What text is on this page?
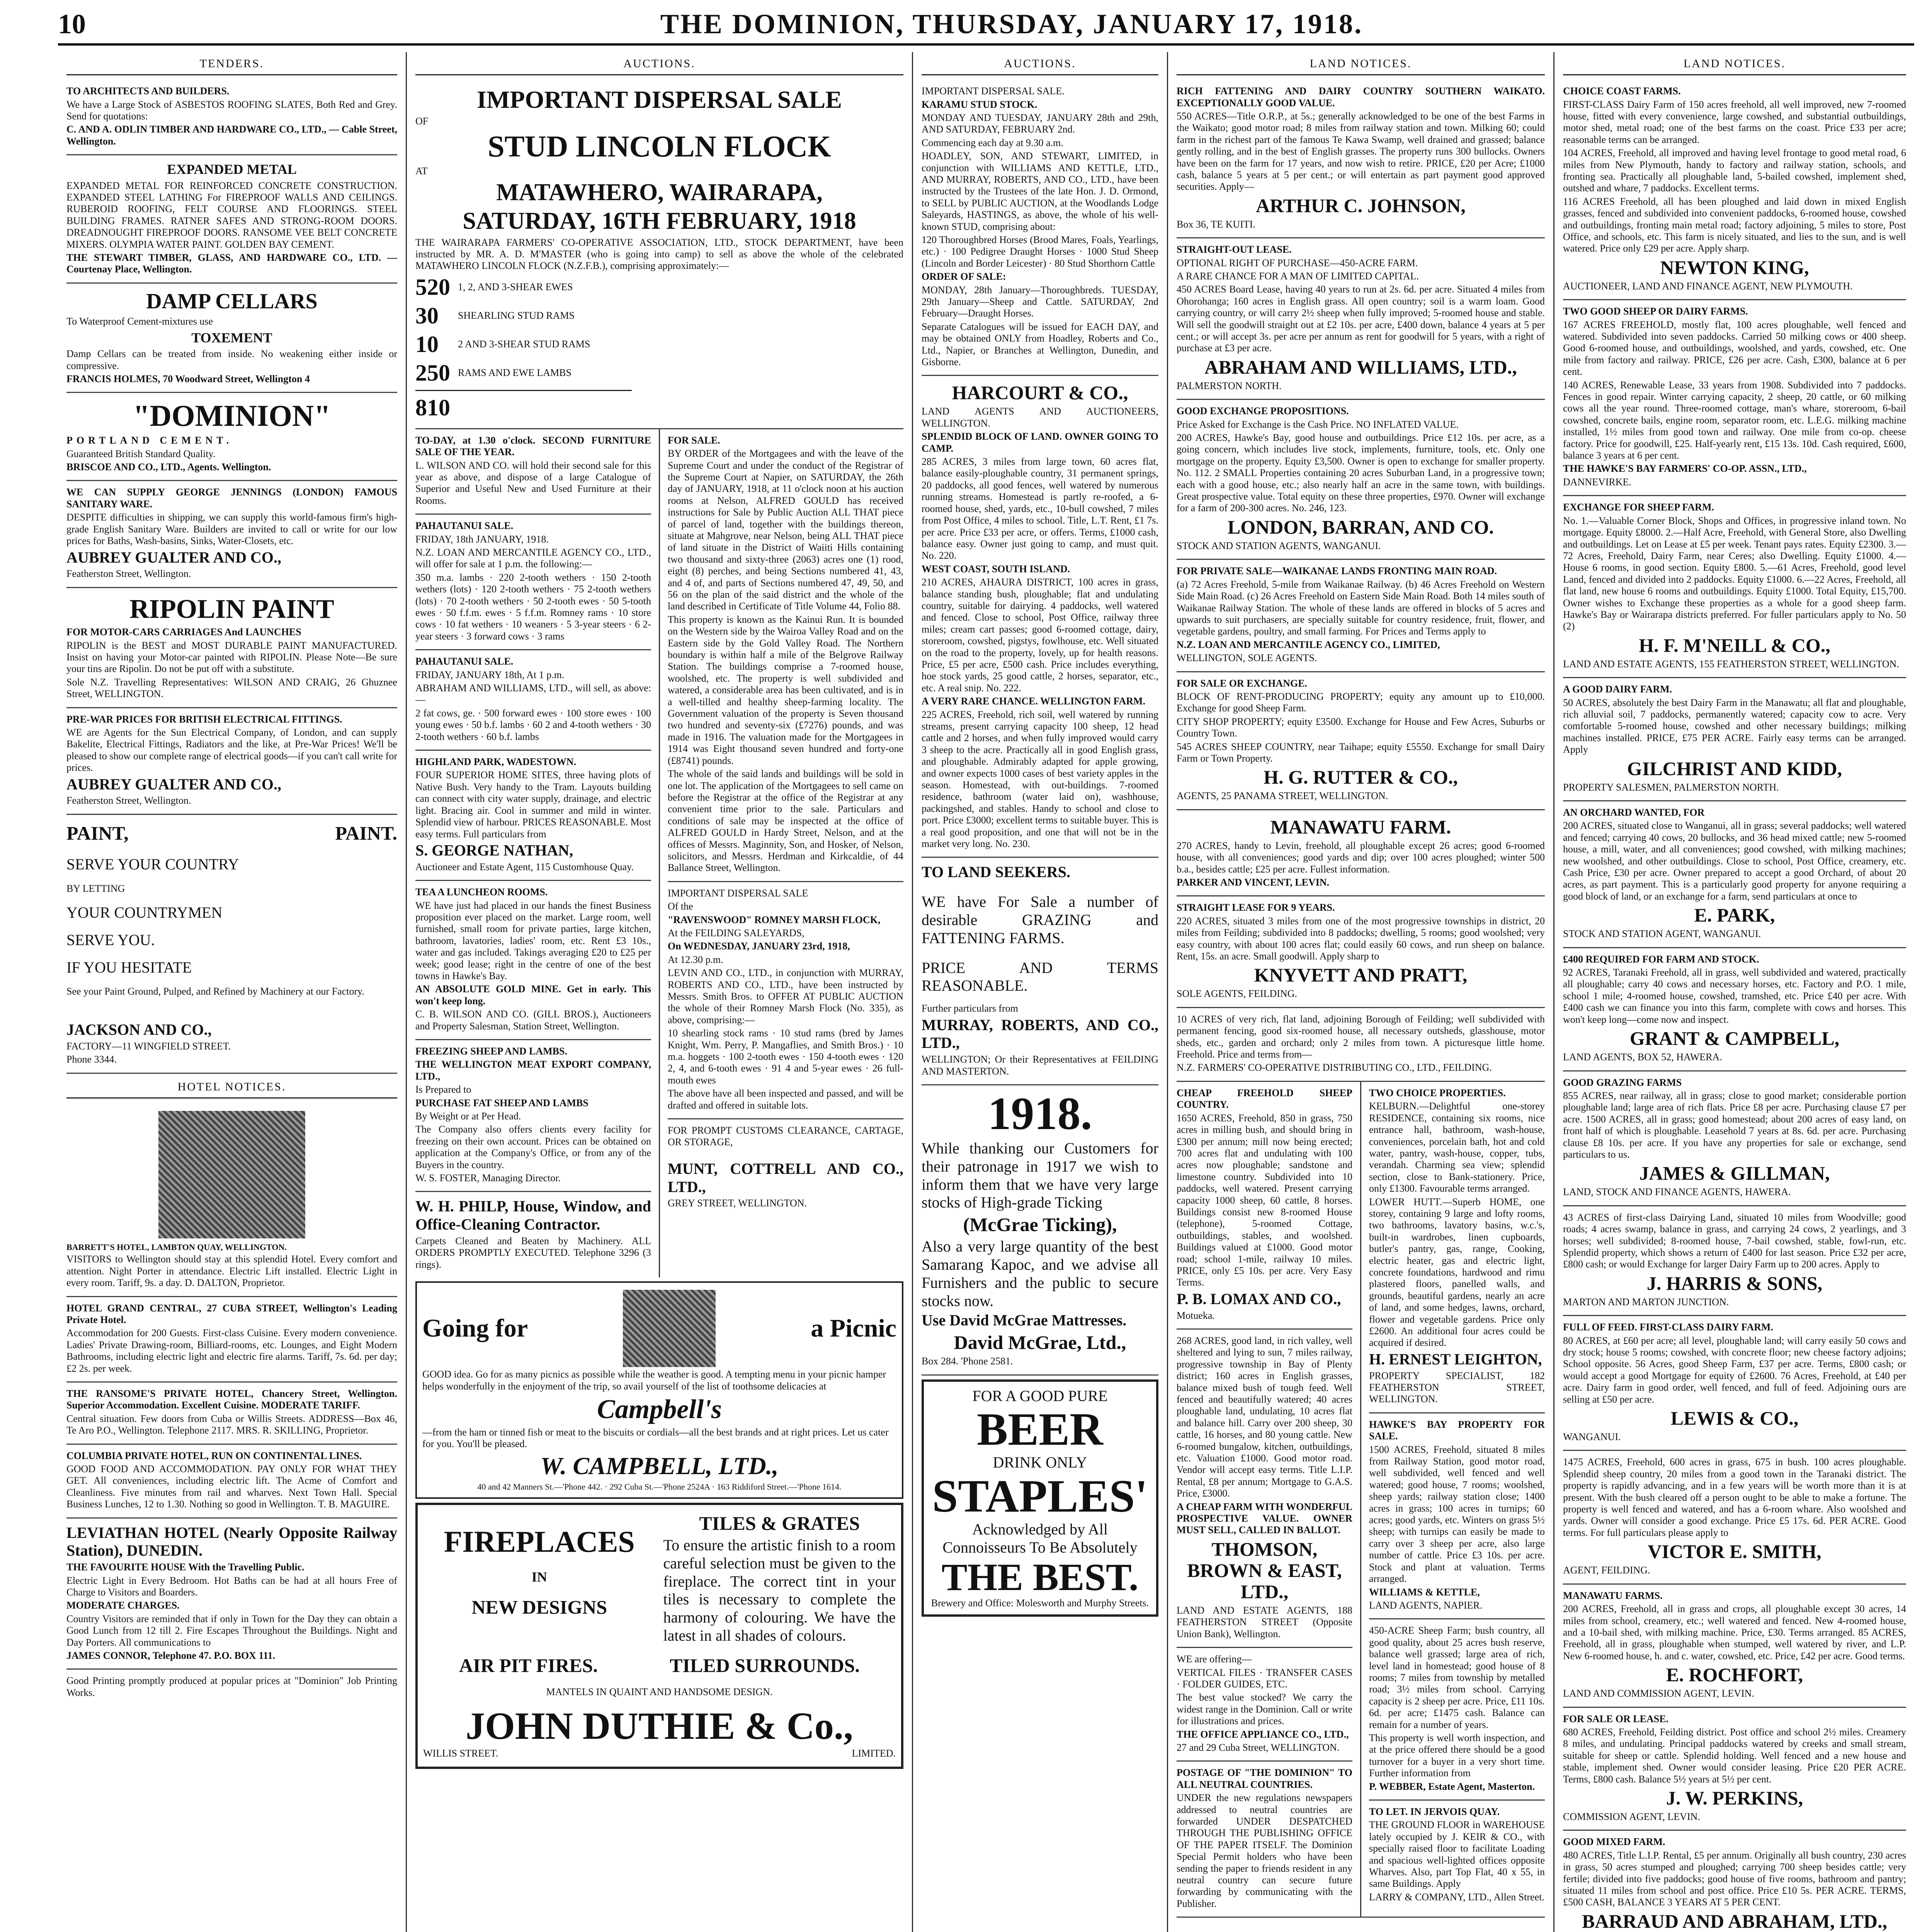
10	THE DOMINION, THURSDAY, JANUARY 17, 1918.
TENDERS.

TO ARCHITECTS AND BUILDERS.

We have a Large Stock of ASBESTOS ROOFING SLATES, Both Red and Grey. Send for quotations:

C. AND A. ODLIN TIMBER AND HARDWARE CO., LTD., — Cable Street, Wellington.

EXPANDED METAL

EXPANDED METAL FOR REINFORCED CONCRETE CONSTRUCTION. EXPANDED STEEL LATHING For FIREPROOF WALLS AND CEILINGS. RUBEROID ROOFING, FELT COURSE AND FLOORINGS. STEEL BUILDING FRAMES. RATNER SAFES AND STRONG-ROOM DOORS. DREADNOUGHT FIREPROOF DOORS. RANSOME VEE BELT CONCRETE MIXERS. OLYMPIA WATER PAINT. GOLDEN BAY CEMENT.

THE STEWART TIMBER, GLASS, AND HARDWARE CO., LTD. — Courtenay Place, Wellington.

DAMP CELLARS

To Waterproof Cement-mixtures use

TOXEMENT

Damp Cellars can be treated from inside. No weakening either inside or compressive.

FRANCIS HOLMES, 70 Woodward Street, Wellington 4

"DOMINION"

PORTLAND CEMENT.

Guaranteed British Standard Quality.

BRISCOE AND CO., LTD., Agents. Wellington.

WE CAN SUPPLY GEORGE JENNINGS (LONDON) FAMOUS SANITARY WARE.

DESPITE difficulties in shipping, we can supply this world-famous firm's high-grade English Sanitary Ware. Builders are invited to call or write for our low prices for Baths, Wash-basins, Sinks, Water-Closets, etc.

AUBREY GUALTER AND CO.,

Featherston Street, Wellington.

RIPOLIN PAINT

FOR MOTOR-CARS CARRIAGES And LAUNCHES

RIPOLIN is the BEST and MOST DURABLE PAINT MANUFACTURED. Insist on having your Motor-car painted with RIPOLIN. Please Note—Be sure your tins are Ripolin. Do not be put off with a substitute.

Sole N.Z. Travelling Representatives: WILSON AND CRAIG, 26 Ghuznee Street, WELLINGTON.

PRE-WAR PRICES FOR BRITISH ELECTRICAL FITTINGS.

WE are Agents for the Sun Electrical Company, of London, and can supply Bakelite, Electrical Fittings, Radiators and the like, at Pre-War Prices! We'll be pleased to show our complete range of electrical goods—if you can't call write for prices.

AUBREY GUALTER AND CO.,

Featherston Street, Wellington.

PAINT,	PAINT.

SERVE YOUR COUNTRY

BY LETTING

YOUR COUNTRYMEN

SERVE YOU.

IF YOU HESITATE

See your Paint Ground, Pulped, and Refined by Machinery at our Factory.

JACKSON AND CO.,

FACTORY—11 WINGFIELD STREET.

Phone 3344.

HOTEL NOTICES.

BARRETT'S HOTEL, LAMBTON QUAY, WELLINGTON.

VISITORS to Wellington should stay at this splendid Hotel. Every comfort and attention. Night Porter in attendance. Electric Lift installed. Electric Light in every room. Tariff, 9s. a day. D. DALTON, Proprietor.

HOTEL GRAND CENTRAL, 27 CUBA STREET, Wellington's Leading Private Hotel.

Accommodation for 200 Guests. First-class Cuisine. Every modern convenience. Ladies' Private Drawing-room, Billiard-rooms, etc. Lounges, and Eight Modern Bathrooms, including electric light and electric fire alarms. Tariff, 7s. 6d. per day; £2 2s. per week.

THE RANSOME'S PRIVATE HOTEL, Chancery Street, Wellington. Superior Accommodation. Excellent Cuisine. MODERATE TARIFF.

Central situation. Few doors from Cuba or Willis Streets. ADDRESS—Box 46, Te Aro P.O., Wellington. Telephone 2117. MRS. R. SKILLING, Proprietor.

COLUMBIA PRIVATE HOTEL, RUN ON CONTINENTAL LINES.

GOOD FOOD AND ACCOMMODATION. PAY ONLY FOR WHAT THEY GET. All conveniences, including electric lift. The Acme of Comfort and Cleanliness. Five minutes from rail and wharves. Next Town Hall. Special Business Lunches, 12 to 1.30. Nothing so good in Wellington. T. B. MAGUIRE.

LEVIATHAN HOTEL (Nearly Opposite Railway Station), DUNEDIN.

THE FAVOURITE HOUSE With the Travelling Public.

Electric Light in Every Bedroom. Hot Baths can be had at all hours Free of Charge to Visitors and Boarders.

MODERATE CHARGES.

Country Visitors are reminded that if only in Town for the Day they can obtain a Good Lunch from 12 till 2. Fire Escapes Throughout the Buildings. Night and Day Porters. All communications to

JAMES CONNOR, Telephone 47. P.O. BOX 111.

Good Printing promptly produced at popular prices at "Dominion" Job Printing Works.

AUCTIONS.
IMPORTANT DISPERSAL SALE

OF

STUD LINCOLN FLOCK

AT

MATAWHERO, WAIRARAPA,
SATURDAY, 16TH FEBRUARY, 1918

THE WAIRARAPA FARMERS' CO-OPERATIVE ASSOCIATION, LTD., STOCK DEPARTMENT, have been instructed by MR. A. D. M'MASTER (who is going into camp) to sell as above the whole of the celebrated MATAWHERO LINCOLN FLOCK (N.Z.F.B.), comprising approximately:—

520 1, 2, AND 3-SHEAR EWES
30	SHEARLING STUD RAMS
10	2 AND 3-SHEAR STUD RAMS
250 RAMS AND EWE LAMBS
810

TO-DAY, at 1.30 o'clock. SECOND FURNITURE SALE OF THE YEAR.

L. WILSON AND CO. will hold their second sale for this year as above, and dispose of a large Catalogue of Superior and Useful New and Used Furniture at their Rooms.

PAHAUTANUI SALE.

FRIDAY, 18th JANUARY, 1918.

N.Z. LOAN AND MERCANTILE AGENCY CO., LTD., will offer for sale at 1 p.m. the following:—

350 m.a. lambs · 220 2-tooth wethers · 150 2-tooth wethers (lots) · 120 2-tooth wethers · 75 2-tooth wethers (lots) · 70 2-tooth wethers · 50 2-tooth ewes · 50 5-tooth ewes · 50 f.f.m. ewes · 5 f.f.m. Romney rams · 10 store cows · 10 fat wethers · 10 weaners · 5 3-year steers · 6 2-year steers · 3 forward cows · 3 rams

PAHAUTANUI SALE.

FRIDAY, JANUARY 18th, At 1 p.m.

ABRAHAM AND WILLIAMS, LTD., will sell, as above:—

2 fat cows, ge. · 500 forward ewes · 100 store ewes · 100 young ewes · 50 b.f. lambs · 60 2 and 4-tooth wethers · 30 2-tooth wethers · 60 b.f. lambs

HIGHLAND PARK, WADESTOWN.

FOUR SUPERIOR HOME SITES, three having plots of Native Bush. Very handy to the Tram. Layouts building can connect with city water supply, drainage, and electric light. Bracing air. Cool in summer and mild in winter. Splendid view of harbour. PRICES REASONABLE. Most easy terms. Full particulars from

S. GEORGE NATHAN,

Auctioneer and Estate Agent, 115 Customhouse Quay.

TEA A LUNCHEON ROOMS.

WE have just had placed in our hands the finest Business proposition ever placed on the market. Large room, well furnished, small room for private parties, large kitchen, bathroom, lavatories, ladies' room, etc. Rent £3 10s., water and gas included. Takings averaging £20 to £25 per week; good lease; right in the centre of one of the best towns in Hawke's Bay.

AN ABSOLUTE GOLD MINE. Get in early. This won't keep long.

C. B. WILSON AND CO. (GILL BROS.), Auctioneers and Property Salesman, Station Street, Wellington.

FREEZING SHEEP AND LAMBS.

THE WELLINGTON MEAT EXPORT COMPANY, LTD.,

Is Prepared to

PURCHASE FAT SHEEP AND LAMBS

By Weight or at Per Head.

The Company also offers clients every facility for freezing on their own account. Prices can be obtained on application at the Company's Office, or from any of the Buyers in the country.

W. S. FOSTER, Managing Director.

W. H. PHILP, House, Window, and Office-Cleaning Contractor.

Carpets Cleaned and Beaten by Machinery. ALL ORDERS PROMPTLY EXECUTED. Telephone 3296 (3 rings).

FOR SALE.

BY ORDER of the Mortgagees and with the leave of the Supreme Court and under the conduct of the Registrar of the Supreme Court at Napier, on SATURDAY, the 26th day of JANUARY, 1918, at 11 o'clock noon at his auction rooms at Nelson, ALFRED GOULD has received instructions for Sale by Public Auction ALL THAT piece of parcel of land, together with the buildings thereon, situate at Mahgrove, near Nelson, being ALL THAT piece of land situate in the District of Waiiti Hills containing two thousand and sixty-three (2063) acres one (1) rood, eight (8) perches, and being Sections numbered 41, 43, and 4 of, and parts of Sections numbered 47, 49, 50, and 56 on the plan of the said district and the whole of the land described in Certificate of Title Volume 44, Folio 88.

This property is known as the Kainui Run. It is bounded on the Western side by the Wairoa Valley Road and on the Eastern side by the Gold Valley Road. The Northern boundary is within half a mile of the Belgrove Railway Station. The buildings comprise a 7-roomed house, woolshed, etc. The property is well subdivided and watered, a considerable area has been cultivated, and is in a well-tilled and healthy sheep-farming locality. The Government valuation of the property is Seven thousand two hundred and seventy-six (£7276) pounds, and was made in 1916. The valuation made for the Mortgagees in 1914 was Eight thousand seven hundred and forty-one (£8741) pounds.

The whole of the said lands and buildings will be sold in one lot. The application of the Mortgagees to sell came on before the Registrar at the office of the Registrar at any convenient time prior to the sale. Particulars and conditions of sale may be inspected at the office of ALFRED GOULD in Hardy Street, Nelson, and at the offices of Messrs. Maginnity, Son, and Hosker, of Nelson, solicitors, and Messrs. Herdman and Kirkcaldie, of 44 Ballance Street, Wellington.

IMPORTANT DISPERSAL SALE

Of the

"RAVENSWOOD" ROMNEY MARSH FLOCK,

At the FEILDING SALEYARDS,

On WEDNESDAY, JANUARY 23rd, 1918,

At 12.30 p.m.

LEVIN AND CO., LTD., in conjunction with MURRAY, ROBERTS AND CO., LTD., have been instructed by Messrs. Smith Bros. to OFFER AT PUBLIC AUCTION the whole of their Romney Marsh Flock (No. 335), as above, comprising:—

10 shearling stock rams · 10 stud rams (bred by James Knight, Wm. Perry, P. Mangaflies, and Smith Bros.) · 10 m.a. hoggets · 100 2-tooth ewes · 150 4-tooth ewes · 120 2, 4, and 6-tooth ewes · 91 4 and 5-year ewes · 26 full-mouth ewes

The above have all been inspected and passed, and will be drafted and offered in suitable lots.

FOR PROMPT CUSTOMS CLEARANCE, CARTAGE, OR STORAGE,

MUNT, COTTRELL AND CO., LTD.,

GREY STREET, WELLINGTON.

Going for	a Picnic

GOOD idea. Go for as many picnics as possible while the weather is good. A tempting menu in your picnic hamper helps wonderfully in the enjoyment of the trip, so avail yourself of the list of toothsome delicacies at

Campbell's

—from the ham or tinned fish or meat to the biscuits or cordials—all the best brands and at right prices. Let us cater for you. You'll be pleased.

W. CAMPBELL, LTD.,

40 and 42 Manners St.—'Phone 442. · 292 Cuba St.—'Phone 2524A · 163 Riddiford Street.—'Phone 1614.

FIREPLACES

IN

NEW DESIGNS
TILES & GRATES

To ensure the artistic finish to a room careful selection must be given to the fireplace. The correct tint in your tiles is necessary to complete the harmony of colouring. We have the latest in all shades of colours.

AIR PIT FIRES.	TILED SURROUNDS.

MANTELS IN QUAINT AND HANDSOME DESIGN.

JOHN DUTHIE & Co.,
WILLIS STREET.	LIMITED.
AUCTIONS.

IMPORTANT DISPERSAL SALE.

KARAMU STUD STOCK.

MONDAY AND TUESDAY, JANUARY 28th and 29th, AND SATURDAY, FEBRUARY 2nd.

Commencing each day at 9.30 a.m.

HOADLEY, SON, AND STEWART, LIMITED, in conjunction with WILLIAMS AND KETTLE, LTD., AND MURRAY, ROBERTS, AND CO., LTD., have been instructed by the Trustees of the late Hon. J. D. Ormond, to SELL by PUBLIC AUCTION, at the Woodlands Lodge Saleyards, HASTINGS, as above, the whole of his well-known STUD, comprising about:

120 Thoroughbred Horses (Brood Mares, Foals, Yearlings, etc.) · 100 Pedigree Draught Horses · 1000 Stud Sheep (Lincoln and Border Leicester) · 80 Stud Shorthorn Cattle

ORDER OF SALE:

MONDAY, 28th January—Thoroughbreds. TUESDAY, 29th January—Sheep and Cattle. SATURDAY, 2nd February—Draught Horses.

Separate Catalogues will be issued for EACH DAY, and may be obtained ONLY from Hoadley, Roberts and Co., Ltd., Napier, or Branches at Wellington, Dunedin, and Gisborne.

HARCOURT & CO.,

LAND AGENTS AND AUCTIONEERS, WELLINGTON.

SPLENDID BLOCK OF LAND. OWNER GOING TO CAMP.

285 ACRES, 3 miles from large town, 60 acres flat, balance easily-ploughable country, 31 permanent springs, 20 paddocks, all good fences, well watered by numerous running streams. Homestead is partly re-roofed, a 6-roomed house, shed, yards, etc., 10-bull cowshed, 7 miles from Post Office, 4 miles to school. Title, L.T. Rent, £1 7s. per acre. Price £33 per acre, or offers. Terms, £1000 cash, balance easy. Owner just going to camp, and must quit. No. 220.

WEST COAST, SOUTH ISLAND.

210 ACRES, AHAURA DISTRICT, 100 acres in grass, balance standing bush, ploughable; flat and undulating country, suitable for dairying. 4 paddocks, well watered and fenced. Close to school, Post Office, railway three miles; cream cart passes; good 6-roomed cottage, dairy, storeroom, cowshed, pigstys, fowlhouse, etc. Well situated on the road to the property, lovely, up for health reasons. Price, £5 per acre, £500 cash. Price includes everything, hoe stock yards, 25 good cattle, 2 horses, separator, etc., etc. A real snip. No. 222.

A VERY RARE CHANCE. WELLINGTON FARM.

225 ACRES, Freehold, rich soil, well watered by running streams, present carrying capacity 100 sheep, 12 head cattle and 2 horses, and when fully improved would carry 3 sheep to the acre. Practically all in good English grass, and ploughable. Admirably adapted for apple growing, and owner expects 1000 cases of best variety apples in the season. Homestead, with out-buildings. 7-roomed residence, bathroom (water laid on), washhouse, packingshed, and stables. Handy to school and close to port. Price £3000; excellent terms to suitable buyer. This is a real good proposition, and one that will not be in the market very long. No. 230.

TO LAND SEEKERS.

WE have For Sale a number of desirable GRAZING and FATTENING FARMS.

PRICE AND TERMS REASONABLE.

Further particulars from

MURRAY, ROBERTS, AND CO., LTD.,

WELLINGTON; Or their Representatives at FEILDING AND MASTERTON.

1918.

While thanking our Customers for their patronage in 1917 we wish to inform them that we have very large stocks of High-grade Ticking

(McGrae Ticking),

Also a very large quantity of the best Samarang Kapoc, and we advise all Furnishers and the public to secure stocks now.

Use David McGrae Mattresses.

David McGrae, Ltd.,

Box 284. 'Phone 2581.

FOR A GOOD PURE

BEER

DRINK ONLY

STAPLES'

Acknowledged by All Connoisseurs To Be Absolutely

THE BEST.

Brewery and Office: Molesworth and Murphy Streets.

LAND NOTICES.

RICH FATTENING AND DAIRY COUNTRY SOUTHERN WAIKATO. EXCEPTIONALLY GOOD VALUE.

550 ACRES—Title O.R.P., at 5s.; generally acknowledged to be one of the best Farms in the Waikato; good motor road; 8 miles from railway station and town. Milking 60; could farm in the richest part of the famous Te Kawa Swamp, well drained and grassed; balance gently rolling, and in the best of English grasses. The property runs 300 bullocks. Owners have been on the farm for 17 years, and now wish to retire. PRICE, £20 per Acre; £1000 cash, balance 5 years at 5 per cent.; or will entertain as part payment good approved securities. Apply—

ARTHUR C. JOHNSON,

Box 36, TE KUITI.

STRAIGHT-OUT LEASE.

OPTIONAL RIGHT OF PURCHASE—450-ACRE FARM.

A RARE CHANCE FOR A MAN OF LIMITED CAPITAL.

450 ACRES Board Lease, having 40 years to run at 2s. 6d. per acre. Situated 4 miles from Ohorohanga; 160 acres in English grass. All open country; soil is a warm loam. Good carrying country, or will carry 2½ sheep when fully improved; 5-roomed house and stable. Will sell the goodwill straight out at £2 10s. per acre, £400 down, balance 4 years at 5 per cent.; or will accept 3s. per acre per annum as rent for goodwill for 5 years, with a right of purchase at £3 per acre.

ABRAHAM AND WILLIAMS, LTD.,

PALMERSTON NORTH.

GOOD EXCHANGE PROPOSITIONS.

Price Asked for Exchange is the Cash Price. NO INFLATED VALUE.

200 ACRES, Hawke's Bay, good house and outbuildings. Price £12 10s. per acre, as a going concern, which includes live stock, implements, furniture, tools, etc. Only one mortgage on the property. Equity £3,500. Owner is open to exchange for smaller property. No. 112. 2 SMALL Properties containing 20 acres Suburban Land, in a progressive town; each with a good house, etc.; also nearly half an acre in the same town, with buildings. Great prospective value. Total equity on these three properties, £970. Owner will exchange for a farm of 200-300 acres. No. 246, 123.

LONDON, BARRAN, AND CO.

STOCK AND STATION AGENTS, WANGANUI.

FOR PRIVATE SALE—WAIKANAE LANDS FRONTING MAIN ROAD.

(a) 72 Acres Freehold, 5-mile from Waikanae Railway. (b) 46 Acres Freehold on Western Side Main Road. (c) 26 Acres Freehold on Eastern Side Main Road. Both 14 miles south of Waikanae Railway Station. The whole of these lands are offered in blocks of 5 acres and upwards to suit purchasers, are specially suitable for country residence, fruit, flower, and vegetable gardens, poultry, and small farming. For Prices and Terms apply to

N.Z. LOAN AND MERCANTILE AGENCY CO., LIMITED,

WELLINGTON, SOLE AGENTS.

FOR SALE OR EXCHANGE.

BLOCK OF RENT-PRODUCING PROPERTY; equity any amount up to £10,000. Exchange for good Sheep Farm.

CITY SHOP PROPERTY; equity £3500. Exchange for House and Few Acres, Suburbs or Country Town.

545 ACRES SHEEP COUNTRY, near Taihape; equity £5550. Exchange for small Dairy Farm or Town Property.

H. G. RUTTER & CO.,

AGENTS, 25 PANAMA STREET, WELLINGTON.

MANAWATU FARM.

270 ACRES, handy to Levin, freehold, all ploughable except 26 acres; good 6-roomed house, with all conveniences; good yards and dip; over 100 acres ploughed; winter 500 b.a., besides cattle; £25 per acre. Fullest information.

PARKER AND VINCENT, LEVIN.

STRAIGHT LEASE FOR 9 YEARS.

220 ACRES, situated 3 miles from one of the most progressive townships in district, 20 miles from Feilding; subdivided into 8 paddocks; dwelling, 5 rooms; good woolshed; very easy country, with about 100 acres flat; could easily 60 cows, and run sheep on balance. Rent, 15s. an acre. Small goodwill. Apply sharp to

KNYVETT AND PRATT,

SOLE AGENTS, FEILDING.

10 ACRES of very rich, flat land, adjoining Borough of Feilding; well subdivided with permanent fencing, good six-roomed house, all necessary outsheds, glasshouse, motor sheds, etc., garden and orchard; only 2 miles from town. A picturesque little home. Freehold. Price and terms from—

N.Z. FARMERS' CO-OPERATIVE DISTRIBUTING CO., LTD., FEILDING.

CHEAP FREEHOLD SHEEP COUNTRY.

1650 ACRES, Freehold, 850 in grass, 750 acres in milling bush, and should bring in £300 per annum; mill now being erected; 700 acres flat and undulating with 100 acres now ploughable; sandstone and limestone country. Subdivided into 10 paddocks, well watered. Present carrying capacity 1000 sheep, 60 cattle, 8 horses. Buildings consist new 8-roomed House (telephone), 5-roomed Cottage, outbuildings, stables, and woolshed. Buildings valued at £1000. Good motor road; school 1-mile, railway 10 miles. PRICE, only £5 10s. per acre. Very Easy Terms.

P. B. LOMAX AND CO.,

Motueka.

268 ACRES, good land, in rich valley, well sheltered and lying to sun, 7 miles railway, progressive township in Bay of Plenty district; 160 acres in English grasses, balance mixed bush of tough feed. Well fenced and beautifully watered; 40 acres ploughable land, undulating, 10 acres flat and balance hill. Carry over 200 sheep, 30 cattle, 16 horses, and 80 young cattle. New 6-roomed bungalow, kitchen, outbuildings, etc. Valuation £1000. Good motor road. Vendor will accept easy terms. Title L.I.P. Rental, £8 per annum; Mortgage to G.A.S. Price, £3000.

A CHEAP FARM WITH WONDERFUL PROSPECTIVE VALUE. OWNER MUST SELL, CALLED IN BALLOT.

THOMSON, BROWN & EAST, LTD.,

LAND AND ESTATE AGENTS, 188 FEATHERSTON STREET (Opposite Union Bank), Wellington.

WE are offering—

VERTICAL FILES · TRANSFER CASES · FOLDER GUIDES, ETC.

The best value stocked? We carry the widest range in the Dominion. Call or write for illustrations and prices.

THE OFFICE APPLIANCE CO., LTD.,

27 and 29 Cuba Street, WELLINGTON.

POSTAGE OF "THE DOMINION" TO ALL NEUTRAL COUNTRIES.

UNDER the new regulations newspapers addressed to neutral countries are forwarded UNDER DESPATCHED THROUGH THE PUBLISHING OFFICE OF THE PAPER ITSELF. The Dominion Special Permit holders who have been sending the paper to friends resident in any neutral country can secure future forwarding by communicating with the Publisher.

TWO CHOICE PROPERTIES.

KELBURN.—Delightful one-storey RESIDENCE, containing six rooms, nice entrance hall, bathroom, wash-house, conveniences, porcelain bath, hot and cold water, pantry, wash-house, copper, tubs, verandah. Charming sea view; splendid section, close to Bank-stationery. Price, only £1300. Favourable terms arranged.

LOWER HUTT.—Superb HOME, one storey, containing 9 large and lofty rooms, two bathrooms, lavatory basins, w.c.'s, built-in wardrobes, linen cupboards, butler's pantry, gas, range, Cooking, electric heater, gas and electric light, concrete foundations, hardwood and rimu plastered floors, panelled walls, and grounds, beautiful gardens, nearly an acre of land, and some hedges, lawns, orchard, flower and vegetable gardens. Price only £2600. An additional four acres could be acquired if desired.

H. ERNEST LEIGHTON,

PROPERTY SPECIALIST, 182 FEATHERSTON STREET, WELLINGTON.

HAWKE'S BAY PROPERTY FOR SALE.

1500 ACRES, Freehold, situated 8 miles from Railway Station, good motor road, well subdivided, well fenced and well watered; good house, 7 rooms; woolshed, sheep yards; railway station close; 1400 acres in grass; 100 acres in turnips; 60 acres; good yards, etc. Winters on grass 5½ sheep; with turnips can easily be made to carry over 3 sheep per acre, also large number of cattle. Price £3 10s. per acre. Stock and plant at valuation. Terms arranged.

WILLIAMS & KETTLE,

LAND AGENTS, NAPIER.

450-ACRE Sheep Farm; bush country, all good quality, about 25 acres bush reserve, balance well grassed; large area of rich, level land in homestead; good house of 8 rooms; 7 miles from township by metalled road; 3½ miles from school. Carrying capacity is 2 sheep per acre. Price, £11 10s. 6d. per acre; £1475 cash. Balance can remain for a number of years.

This property is well worth inspection, and at the price offered there should be a good turnover for a buyer in a very short time. Further information from

P. WEBBER, Estate Agent, Masterton.

TO LET. IN JERVOIS QUAY.

THE GROUND FLOOR in WAREHOUSE lately occupied by J. KEIR & CO., with specially raised floor to facilitate Loading and spacious well-lighted offices opposite Wharves. Also, part Top Flat, 40 x 55, in same Buildings. Apply

LARRY & COMPANY, LTD., Allen Street.

LAND NOTICES.

CHOICE COAST FARMS.

FIRST-CLASS Dairy Farm of 150 acres freehold, all well improved, new 7-roomed house, fitted with every convenience, large cowshed, and substantial outbuildings, motor shed, metal road; one of the best farms on the coast. Price £33 per acre; reasonable terms can be arranged.

104 ACRES, Freehold, all improved and having level frontage to good metal road, 6 miles from New Plymouth, handy to factory and railway station, schools, and fronting sea. Practically all ploughable land, 5-bailed cowshed, implement shed, outshed and whare, 7 paddocks. Excellent terms.

116 ACRES Freehold, all has been ploughed and laid down in mixed English grasses, fenced and subdivided into convenient paddocks, 6-roomed house, cowshed and outbuildings, fronting main metal road; factory adjoining, 5 miles to store, Post Office, and schools, etc. This farm is nicely situated, and lies to the sun, and is well watered. Price only £29 per acre. Apply sharp.

NEWTON KING,

AUCTIONEER, LAND AND FINANCE AGENT, NEW PLYMOUTH.

TWO GOOD SHEEP OR DAIRY FARMS.

167 ACRES FREEHOLD, mostly flat, 100 acres ploughable, well fenced and watered. Subdivided into seven paddocks. Carried 50 milking cows or 400 sheep. Good 6-roomed house, and outbuildings, woolshed, and yards, cowshed, etc. One mile from factory and railway. PRICE, £26 per acre. Cash, £300, balance at 6 per cent.

140 ACRES, Renewable Lease, 33 years from 1908. Subdivided into 7 paddocks. Fences in good repair. Winter carrying capacity, 2 sheep, 20 cattle, or 60 milking cows all the year round. Three-roomed cottage, man's whare, storeroom, 6-bail cowshed, concrete bails, engine room, separator room, etc. L.E.G. milking machine installed, 1½ miles from good town and railway. One mile from co-op. cheese factory. Price for goodwill, £25. Half-yearly rent, £15 13s. 10d. Cash required, £600, balance 3 years at 6 per cent.

THE HAWKE'S BAY FARMERS' CO-OP. ASSN., LTD.,

DANNEVIRKE.

EXCHANGE FOR SHEEP FARM.

No. 1.—Valuable Corner Block, Shops and Offices, in progressive inland town. No mortgage. Equity £8000. 2.—Half Acre, Freehold, with General Store, also Dwelling and outbuildings. Let on Lease at £5 per week. Tenant pays rates. Equity £2300. 3.—72 Acres, Freehold, Dairy Farm, near Ceres; also Dwelling. Equity £1000. 4.—House 6 rooms, in good section. Equity £800. 5.—61 Acres, Freehold, good level Land, fenced and divided into 2 paddocks. Equity £1000. 6.—22 Acres, Freehold, all flat land, new house 6 rooms and outbuildings. Equity £1000. Total Equity, £15,700. Owner wishes to Exchange these properties as a whole for a good sheep farm. Hawke's Bay or Wairarapa districts preferred. For fuller particulars apply to No. 50 (2)

H. F. M'NEILL & CO.,

LAND AND ESTATE AGENTS, 155 FEATHERSTON STREET, WELLINGTON.

A GOOD DAIRY FARM.

50 ACRES, absolutely the best Dairy Farm in the Manawatu; all flat and ploughable, rich alluvial soil, 7 paddocks, permanently watered; capacity cow to acre. Very comfortable 5-roomed house, cowshed and other necessary buildings; milking machines installed. PRICE, £75 PER ACRE. Fairly easy terms can be arranged. Apply

GILCHRIST AND KIDD,

PROPERTY SALESMEN, PALMERSTON NORTH.

AN ORCHARD WANTED, FOR

200 ACRES, situated close to Wanganui, all in grass; several paddocks; well watered and fenced; carrying 40 cows, 20 bullocks, and 36 head mixed cattle; new 5-roomed house, a mill, water, and all conveniences; good cowshed, with milking machines; new woolshed, and other outbuildings. Close to school, Post Office, creamery, etc. Cash Price, £30 per acre. Owner prepared to accept a good Orchard, of about 20 acres, as part payment. This is a particularly good property for anyone requiring a good block of land, or an exchange for a farm, send particulars at once to

E. PARK,

STOCK AND STATION AGENT, WANGANUI.

£400 REQUIRED FOR FARM AND STOCK.

92 ACRES, Taranaki Freehold, all in grass, well subdivided and watered, practically all ploughable; carry 40 cows and necessary horses, etc. Factory and P.O. 1 mile, school 1 mile; 4-roomed house, cowshed, tramshed, etc. Price £40 per acre. With £400 cash we can finance you into this farm, complete with cows and horses. This won't keep long—come now and inspect.

GRANT & CAMPBELL,

LAND AGENTS, BOX 52, HAWERA.

GOOD GRAZING FARMS

855 ACRES, near railway, all in grass; close to good market; considerable portion ploughable land; large area of rich flats. Price £8 per acre. Purchasing clause £7 per acre. 1500 ACRES, all in grass; good homestead; about 200 acres of easy land, on front half of which is ploughable. Leasehold 7 years at 8s. 6d. per acre. Purchasing clause £8 10s. per acre. If you have any properties for sale or exchange, send particulars to us.

JAMES & GILLMAN,

LAND, STOCK AND FINANCE AGENTS, HAWERA.

43 ACRES of first-class Dairying Land, situated 10 miles from Woodville; good roads; 4 acres swamp, balance in grass, and carrying 24 cows, 2 yearlings, and 3 horses; well subdivided; 8-roomed house, 7-bail cowshed, stable, fowl-run, etc. Splendid property, which shows a return of £400 for last season. Price £32 per acre, £800 cash; or would Exchange for larger Dairy Farm up to 200 acres. Apply to

J. HARRIS & SONS,

MARTON AND MARTON JUNCTION.

FULL OF FEED. FIRST-CLASS DAIRY FARM.

80 ACRES, at £60 per acre; all level, ploughable land; will carry easily 50 cows and dry stock; house 5 rooms; cowshed, with concrete floor; new cheese factory adjoins; School opposite. 56 Acres, good Sheep Farm, £37 per acre. Terms, £800 cash; or would accept a good Mortgage for equity of £2600. 76 Acres, Freehold, at £40 per acre. Dairy farm in good order, well fenced, and full of feed. Adjoining ours are selling at £50 per acre.

LEWIS & CO.,

WANGANUI.

1475 ACRES, Freehold, 600 acres in grass, 675 in bush. 100 acres ploughable. Splendid sheep country, 20 miles from a good town in the Taranaki district. The property is rapidly advancing, and in a few years will be worth more than it is at present. With the bush cleared off a person ought to be able to make a fortune. The property is well fenced and watered, and has a 6-room whare. Also woolshed and yards. Owner will consider a good exchange. Price £5 17s. 6d. PER ACRE. Good terms. For full particulars please apply to

VICTOR E. SMITH,

AGENT, FEILDING.

MANAWATU FARMS.

200 ACRES, Freehold, all in grass and crops, all ploughable except 30 acres, 14 miles from school, creamery, etc.; well watered and fenced. New 4-roomed house, and a 10-bail shed, with milking machine. Price, £30. Terms arranged. 85 ACRES, Freehold, all in grass, ploughable when stumped, well watered by river, and L.P. New 6-roomed house, h. and c. water, cowshed, etc. Price, £42 per acre. Good terms.

E. ROCHFORT,

LAND AND COMMISSION AGENT, LEVIN.

FOR SALE OR LEASE.

680 ACRES, Freehold, Feilding district. Post office and school 2½ miles. Creamery 8 miles, and undulating. Principal paddocks watered by creeks and small stream, suitable for sheep or cattle. Splendid holding. Well fenced and a new house and stable, implement shed. Owner would consider leasing. Price £20 PER ACRE. Terms, £800 cash. Balance 5½ years at 5½ per cent.

J. W. PERKINS,

COMMISSION AGENT, LEVIN.

GOOD MIXED FARM.

480 ACRES, Title L.I.P. Rental, £5 per annum. Originally all bush country, 230 acres in grass, 50 acres stumped and ploughed; carrying 700 sheep besides cattle; very fertile; divided into five paddocks; good house of five rooms, bathroom and pantry; situated 11 miles from school and post office. Price £10 5s. PER ACRE. TERMS, £500 CASH, BALANCE 3 YEARS AT 5 PER CENT.

BARRAUD AND ABRAHAM, LTD.,
